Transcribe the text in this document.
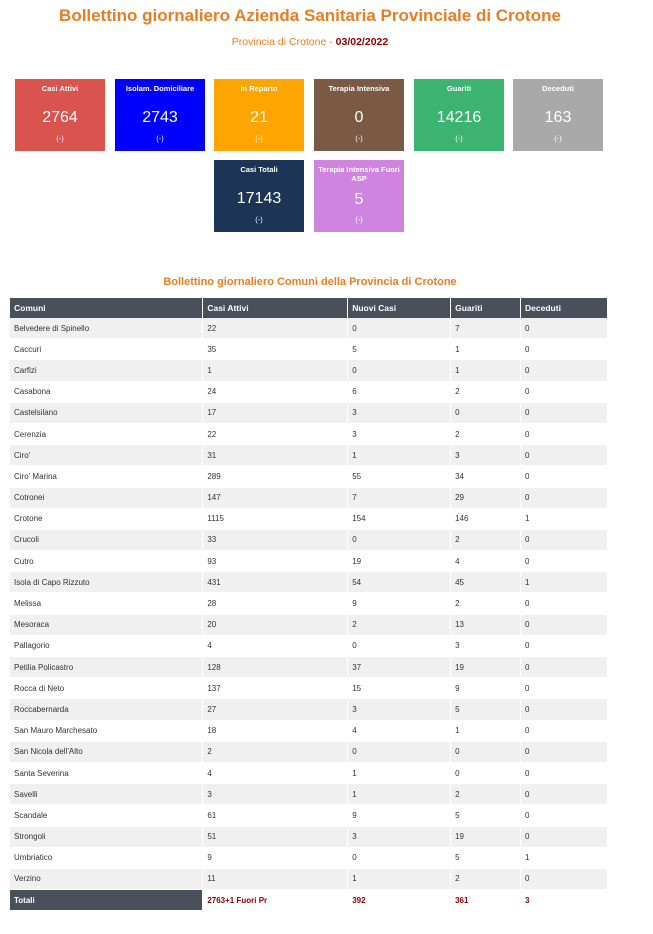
Bollettino giornaliero Azienda Sanitaria Provinciale di Crotone
Provincia di Crotone - 03/02/2022
Casi Attivi
2764
(-)
Isolam. Domiciliare
2743
(-)
In Reparto
21
(-)
Terapia Intensiva
0
(-)
Guariti
14216
(-)
Deceduti
163
(-)
Casi Totali
17143
(-)
Terapia Intensiva Fuori ASP
5
(-)
Bollettino giornaliero Comuni della Provincia di Crotone
Comuni	Casi Attivi	Nuovi Casi	Guariti	Deceduti
Belvedere di Spinello	22	0	7	0
Caccuri	35	5	1	0
Carfizi	1	0	1	0
Casabona	24	6	2	0
Castelsilano	17	3	0	0
Cerenzia	22	3	2	0
Ciro'	31	1	3	0
Ciro' Marina	289	55	34	0
Cotronei	147	7	29	0
Crotone	1115	154	146	1
Crucoli	33	0	2	0
Cutro	93	19	4	0
Isola di Capo Rizzuto	431	54	45	1
Melissa	28	9	2	0
Mesoraca	20	2	13	0
Pallagorio	4	0	3	0
Petilia Policastro	128	37	19	0
Rocca di Neto	137	15	9	0
Roccabernarda	27	3	5	0
San Mauro Marchesato	18	4	1	0
San Nicola dell'Alto	2	0	0	0
Santa Severina	4	1	0	0
Savelli	3	1	2	0
Scandale	61	9	5	0
Strongoli	51	3	19	0
Umbriatico	9	0	5	1
Verzino	11	1	2	0
Totali	2763+1 Fuori Pr	392	361	3
